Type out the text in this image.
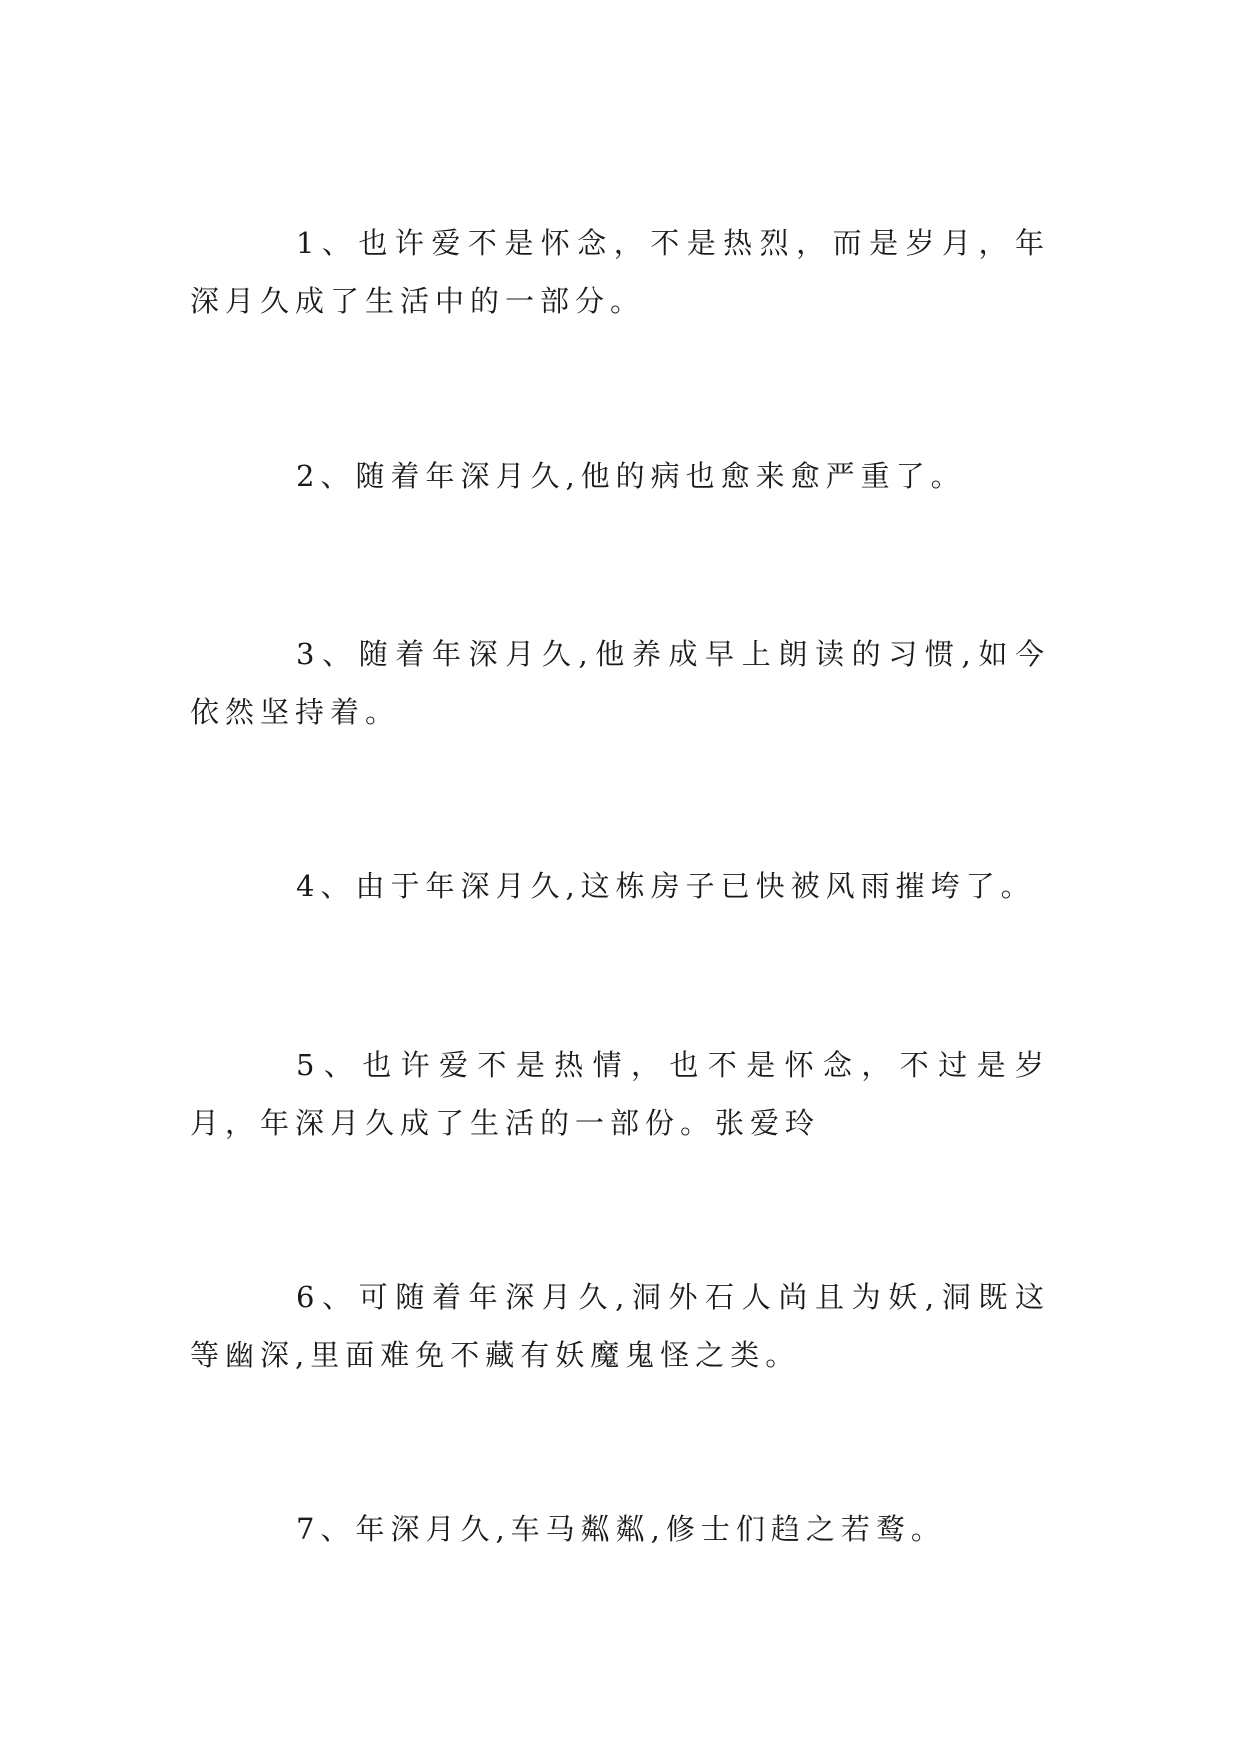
1、也许爱不是怀念，不是热烈，而是岁月，年深月久成了生活中的一部分。

2、随着年深月久,他的病也愈来愈严重了。

3、随着年深月久,他养成早上朗读的习惯,如今依然坚持着。

4、由于年深月久,这栋房子已快被风雨摧垮了。

5、也许爱不是热情，也不是怀念，不过是岁月，年深月久成了生活的一部份。张爱玲

6、可随着年深月久,洞外石人尚且为妖,洞既这等幽深,里面难免不藏有妖魔鬼怪之类。

7、年深月久,车马粼粼,修士们趋之若鹜。
